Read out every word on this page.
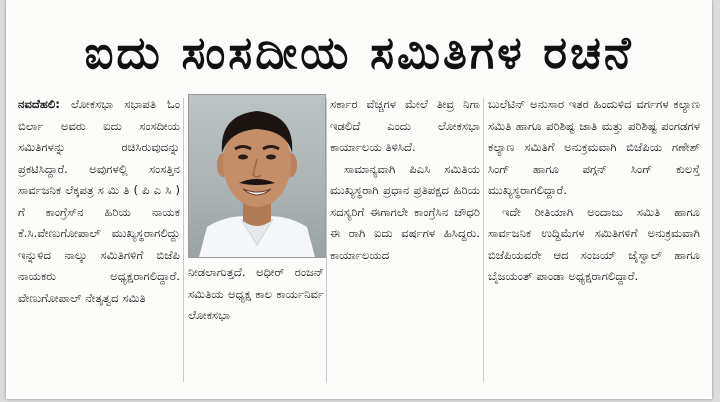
ಐದು ಸಂಸದೀಯ ಸಮಿತಿಗಳ ರಚನೆ

ನವದೆಹಲಿ: ಲೋಕಸಭಾ ಸಭಾಪತಿ ಓಂ ಬಿರ್ಲಾ ಅವರು ಐದು ಸಂಸದೀಯ ಸಮಿತಿಗಳನ್ನು ರಚಿಸಿರುವುದನ್ನು ಪ್ರಕಟಿಸಿದ್ದಾರೆ. ಅವುಗಳಲ್ಲಿ ಸಂಸತ್ತಿನ ಸಾರ್ವಜನಿಕ ಲೆಕ್ಕಪತ್ರ ಸ ಮಿ ತಿ ( ಪಿ ಎ ಸಿ ) ಗೆ ಕಾಂಗ್ರೆಸ್‌ನ ಹಿರಿಯ ನಾಯಕ ಕೆ.ಸಿ.ವೇಣುಗೋಪಾಲ್ ಮುಖ್ಯಸ್ಥರಾಗಲಿದ್ದು ಇನ್ನುಳಿದ ನಾಲ್ಕು ಸಮಿತಿಗಳಿಗೆ ಬಿಜೆಪಿ ನಾಯಕರು ಅಧ್ಯಕ್ಷರಾಗಲಿದ್ದಾರೆ. ವೇಣುಗೋಪಾಲ್ ನೇತೃತ್ವದ ಸಮಿತಿ

ನೀಡಲಾಗುತ್ತದೆ. ಅಧೀರ್ ರಂಜನ್ ಸಮಿತಿಯ ಅಧ್ಯಕ್ಷ ಕಾಲ ಕಾರ್ಯನಿರ್ವ ಲೋಕಸಭಾ

ಸರ್ಕಾರ ವೆಚ್ಚಗಳ ಮೇಲೆ ತೀವ್ರ ನಿಗಾ ಇಡಲಿದೆ ಎಂದು ಲೋಕಸಭಾ ಕಾರ್ಯಾಲಯ ತಿಳಿಸಿದೆ.

ಸಾಮಾನ್ಯವಾಗಿ ಪಿಎಸಿ ಸಮಿತಿಯ ಮುಖ್ಯಸ್ಥರಾಗಿ ಪ್ರಧಾನ ಪ್ರತಿಪಕ್ಷದ ಹಿರಿಯ ಸದಸ್ಯರಿಗೆ ಈಗಾಗಲೇ ಕಾಂಗ್ರೆಸಿನ ಚೌಧರಿ ಈ ರಾಗಿ ಐದು ವರ್ಷಗಳ ಹಿಸಿದ್ದರು. ಕಾರ್ಯಾಲಯದ

ಬುಲೆಟಿನ್ ಅನುಸಾರ ಇತರ ಹಿಂದುಳಿದ ವರ್ಗಗಳ ಕಲ್ಯಾಣ ಸಮಿತಿ ಹಾಗೂ ಪರಿಶಿಷ್ಟ ಜಾತಿ ಮತ್ತು ಪರಿಶಿಷ್ಟ ಪಂಗಡಗಳ ಕಲ್ಯಾಣ ಸಮಿತಿಗೆ ಅನುಕ್ರಮವಾಗಿ ಬಿಜೆಪಿಯ ಗಣೇಶ್ ಸಿಂಗ್ ಹಾಗೂ ಪಗ್ಗನ್ ಸಿಂಗ್ ಕುಲಸ್ತೆ ಮುಖ್ಯಸ್ಥರಾಗಲಿದ್ದಾರೆ.

ಇದೇ ರೀತಿಯಾಗಿ ಅಂದಾಜು ಸಮಿತಿ ಹಾಗೂ ಸಾರ್ವಜನಿಕ ಉದ್ದಿಮೆಗಳ ಸಮಿತಿಗಳಿಗೆ ಅನುಕ್ರಮವಾಗಿ ಬಿಜೆಪಿಯವರೇ ಆದ ಸಂಜಯ್ ಜೈಸ್ವಾಲ್ ಹಾಗೂ ಬೈಜಯಂತ್ ಪಾಂಡಾ ಅಧ್ಯಕ್ಷರಾಗಲಿದ್ದಾರೆ.
